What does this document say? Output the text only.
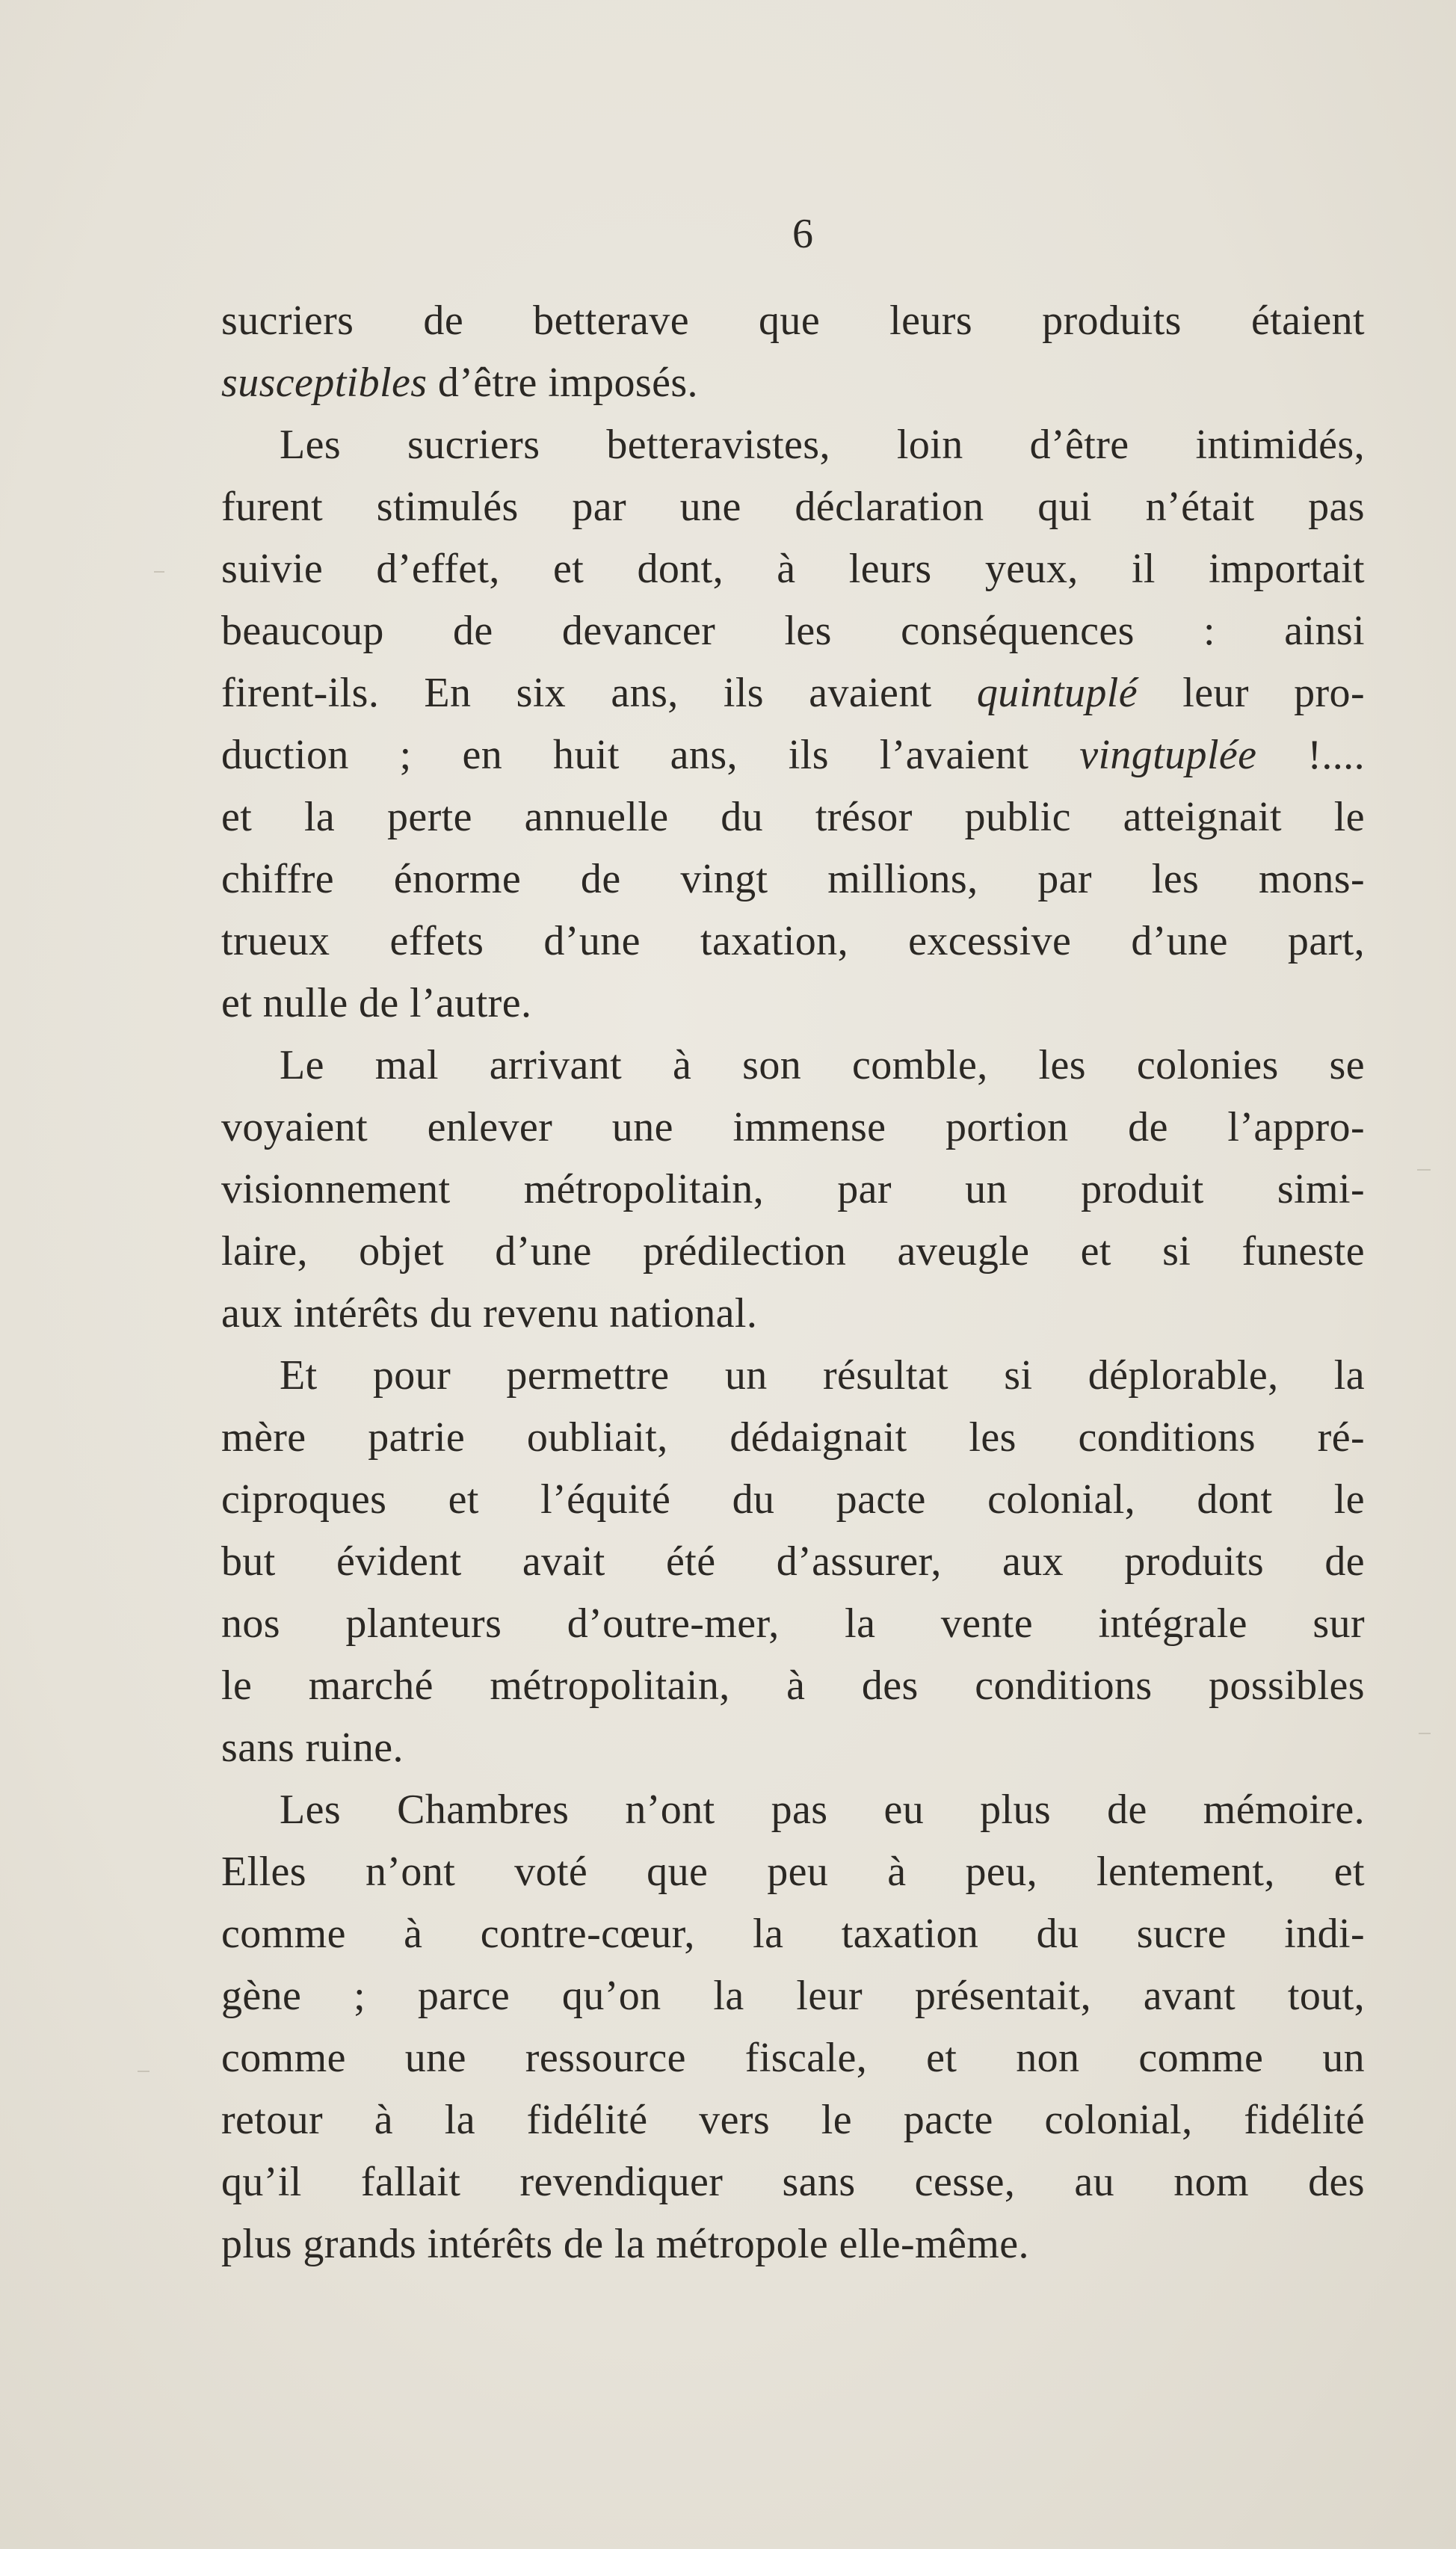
6
sucriers de betterave que leurs produits étaient
susceptibles d’être imposés.
Les sucriers betteravistes, loin d’être intimidés,
furent stimulés par une déclaration qui n’était pas
suivie d’effet, et dont, à leurs yeux, il importait
beaucoup de devancer les conséquences : ainsi
firent-ils. En six ans, ils avaient quintuplé leur pro-
duction ; en huit ans, ils l’avaient vingtuplée !....
et la perte annuelle du trésor public atteignait le
chiffre énorme de vingt millions, par les mons-
trueux effets d’une taxation, excessive d’une part,
et nulle de l’autre.
Le mal arrivant à son comble, les colonies se
voyaient enlever une immense portion de l’appro-
visionnement métropolitain, par un produit simi-
laire, objet d’une prédilection aveugle et si funeste
aux intérêts du revenu national.
Et pour permettre un résultat si déplorable, la
mère patrie oubliait, dédaignait les conditions ré-
ciproques et l’équité du pacte colonial, dont le
but évident avait été d’assurer, aux produits de
nos planteurs d’outre-mer, la vente intégrale sur
le marché métropolitain, à des conditions possibles
sans ruine.
Les Chambres n’ont pas eu plus de mémoire.
Elles n’ont voté que peu à peu, lentement, et
comme à contre-cœur, la taxation du sucre indi-
gène ; parce qu’on la leur présentait, avant tout,
comme une ressource fiscale, et non comme un
retour à la fidélité vers le pacte colonial, fidélité
qu’il fallait revendiquer sans cesse, au nom des
plus grands intérêts de la métropole elle-même.
